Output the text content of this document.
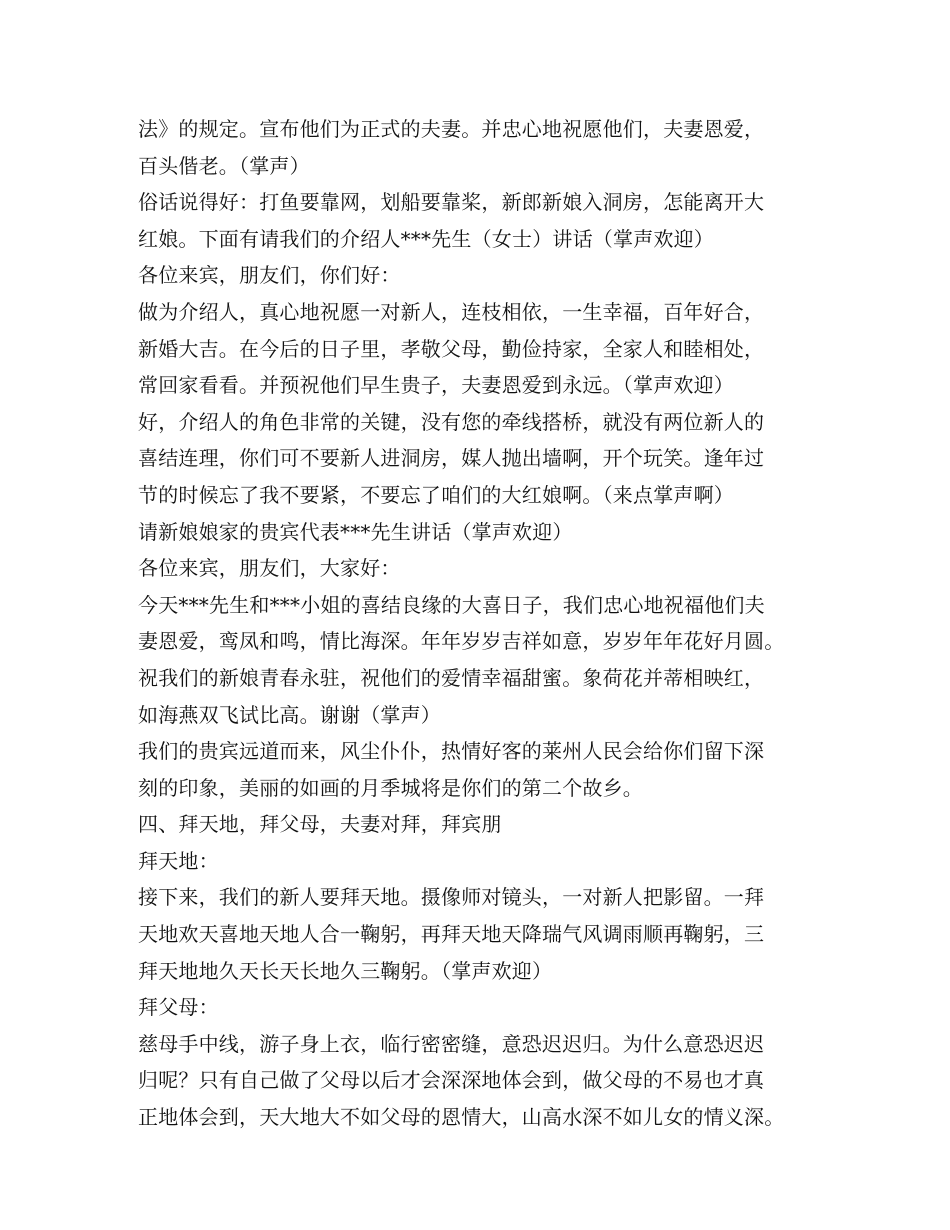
法》的规定。宣布他们为正式的夫妻。并忠心地祝愿他们，夫妻恩爱，
百头偕老。（掌声）
俗话说得好：打鱼要靠网，划船要靠桨，新郎新娘入洞房，怎能离开大
红娘。下面有请我们的介绍人***先生（女士）讲话（掌声欢迎）
各位来宾，朋友们，你们好：
做为介绍人，真心地祝愿一对新人，连枝相依，一生幸福，百年好合，
新婚大吉。在今后的日子里，孝敬父母，勤俭持家，全家人和睦相处，
常回家看看。并预祝他们早生贵子，夫妻恩爱到永远。（掌声欢迎）
好，介绍人的角色非常的关键，没有您的牵线搭桥，就没有两位新人的
喜结连理，你们可不要新人进洞房，媒人抛出墙啊，开个玩笑。逢年过
节的时候忘了我不要紧，不要忘了咱们的大红娘啊。（来点掌声啊）
请新娘娘家的贵宾代表***先生讲话（掌声欢迎）
各位来宾，朋友们，大家好：
今天***先生和***小姐的喜结良缘的大喜日子，我们忠心地祝福他们夫
妻恩爱，鸾凤和鸣，情比海深。年年岁岁吉祥如意，岁岁年年花好月圆。
祝我们的新娘青春永驻，祝他们的爱情幸福甜蜜。象荷花并蒂相映红，
如海燕双飞试比高。谢谢（掌声）
我们的贵宾远道而来，风尘仆仆，热情好客的莱州人民会给你们留下深
刻的印象，美丽的如画的月季城将是你们的第二个故乡。
四、拜天地，拜父母，夫妻对拜，拜宾朋
拜天地：
接下来，我们的新人要拜天地。摄像师对镜头，一对新人把影留。一拜
天地欢天喜地天地人合一鞠躬，再拜天地天降瑞气风调雨顺再鞠躬，三
拜天地地久天长天长地久三鞠躬。（掌声欢迎）
拜父母：
慈母手中线，游子身上衣，临行密密缝，意恐迟迟归。为什么意恐迟迟
归呢？只有自己做了父母以后才会深深地体会到，做父母的不易也才真
正地体会到，天大地大不如父母的恩情大，山高水深不如儿女的情义深。
